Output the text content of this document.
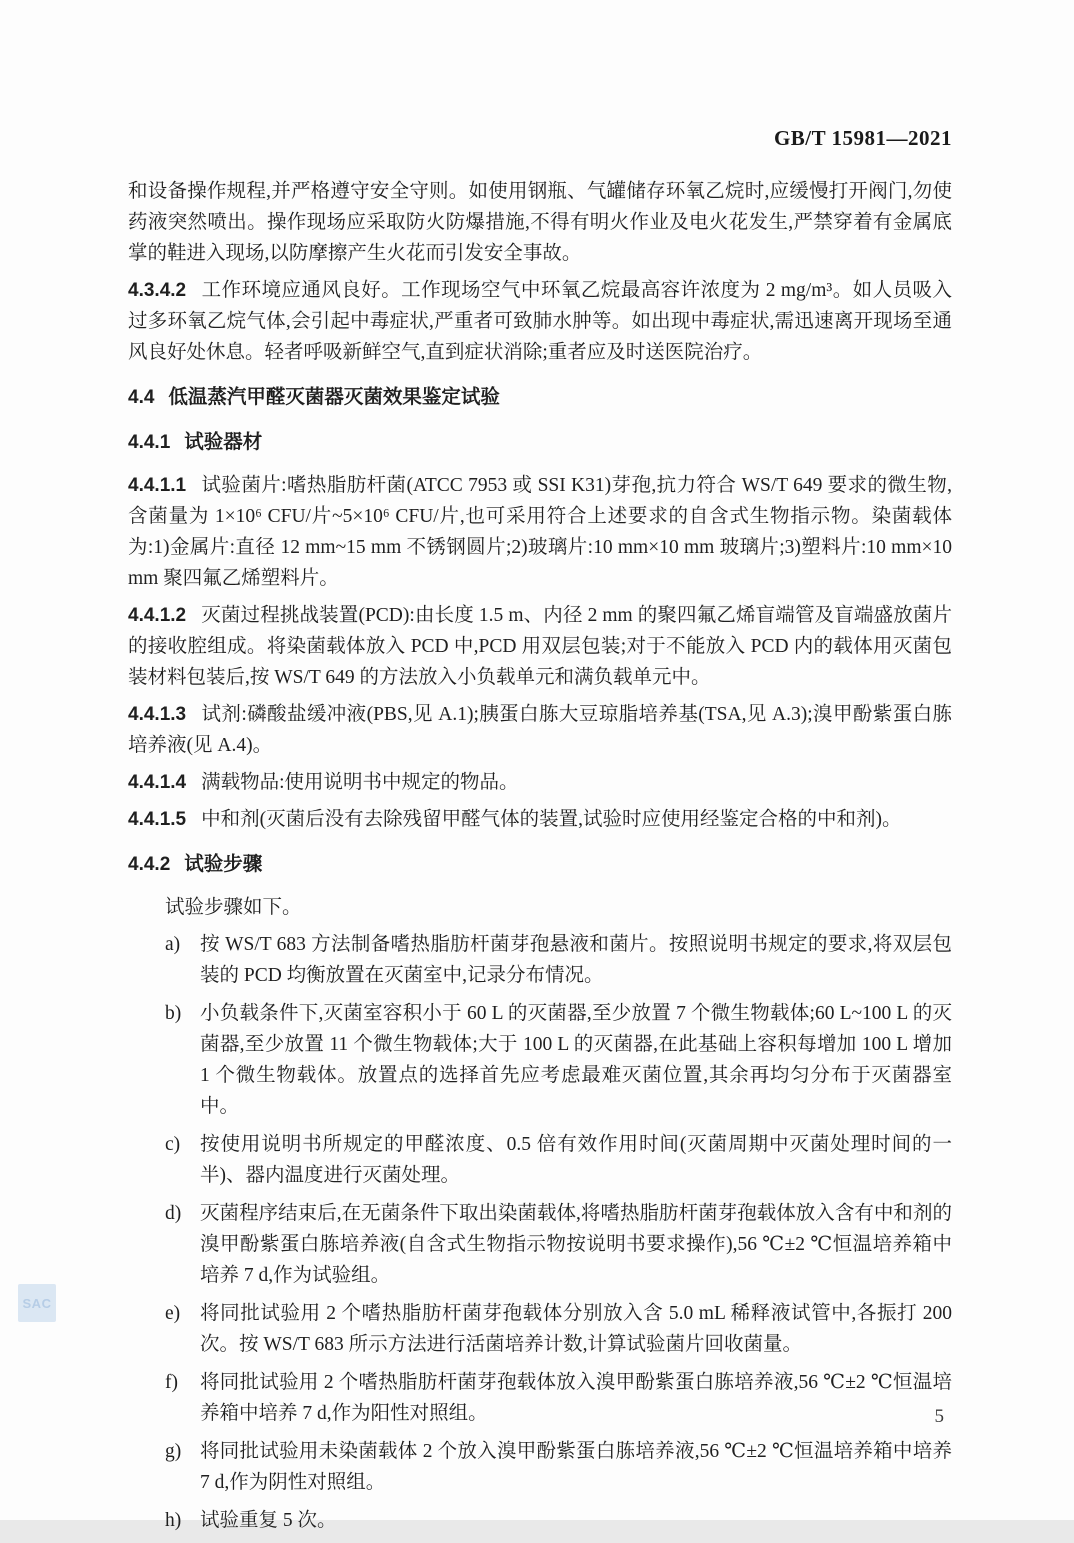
GB/T 15981—2021

和设备操作规程,并严格遵守安全守则。如使用钢瓶、气罐储存环氧乙烷时,应缓慢打开阀门,勿使药液突然喷出。操作现场应采取防火防爆措施,不得有明火作业及电火花发生,严禁穿着有金属底掌的鞋进入现场,以防摩擦产生火花而引发安全事故。

4.3.4.2 工作环境应通风良好。工作现场空气中环氧乙烷最高容许浓度为 2 mg/m³。如人员吸入过多环氧乙烷气体,会引起中毒症状,严重者可致肺水肿等。如出现中毒症状,需迅速离开现场至通风良好处休息。轻者呼吸新鲜空气,直到症状消除;重者应及时送医院治疗。

4.4 低温蒸汽甲醛灭菌器灭菌效果鉴定试验
4.4.1 试验器材

4.4.1.1 试验菌片:嗜热脂肪杆菌(ATCC 7953 或 SSI K31)芽孢,抗力符合 WS/T 649 要求的微生物,含菌量为 1×10⁶ CFU/片~5×10⁶ CFU/片,也可采用符合上述要求的自含式生物指示物。染菌载体为:1)金属片:直径 12 mm~15 mm 不锈钢圆片;2)玻璃片:10 mm×10 mm 玻璃片;3)塑料片:10 mm×10 mm 聚四氟乙烯塑料片。

4.4.1.2 灭菌过程挑战装置(PCD):由长度 1.5 m、内径 2 mm 的聚四氟乙烯盲端管及盲端盛放菌片的接收腔组成。将染菌载体放入 PCD 中,PCD 用双层包装;对于不能放入 PCD 内的载体用灭菌包装材料包装后,按 WS/T 649 的方法放入小负载单元和满负载单元中。

4.4.1.3 试剂:磷酸盐缓冲液(PBS,见 A.1);胰蛋白胨大豆琼脂培养基(TSA,见 A.3);溴甲酚紫蛋白胨培养液(见 A.4)。

4.4.1.4 满载物品:使用说明书中规定的物品。

4.4.1.5 中和剂(灭菌后没有去除残留甲醛气体的装置,试验时应使用经鉴定合格的中和剂)。

4.4.2 试验步骤

试验步骤如下。

a)	按 WS/T 683 方法制备嗜热脂肪杆菌芽孢悬液和菌片。按照说明书规定的要求,将双层包装的 PCD 均衡放置在灭菌室中,记录分布情况。
b) 小负载条件下,灭菌室容积小于 60 L 的灭菌器,至少放置 7 个微生物载体;60 L~100 L 的灭菌器,至少放置 11 个微生物载体;大于 100 L 的灭菌器,在此基础上容积每增加 100 L 增加 1 个微生物载体。放置点的选择首先应考虑最难灭菌位置,其余再均匀分布于灭菌器室中。
c)	按使用说明书所规定的甲醛浓度、0.5 倍有效作用时间(灭菌周期中灭菌处理时间的一半)、器内温度进行灭菌处理。
d) 灭菌程序结束后,在无菌条件下取出染菌载体,将嗜热脂肪杆菌芽孢载体放入含有中和剂的溴甲酚紫蛋白胨培养液(自含式生物指示物按说明书要求操作),56 ℃±2 ℃恒温培养箱中培养 7 d,作为试验组。
e)	将同批试验用 2 个嗜热脂肪杆菌芽孢载体分别放入含 5.0 mL 稀释液试管中,各振打 200 次。按 WS/T 683 所示方法进行活菌培养计数,计算试验菌片回收菌量。
f)	将同批试验用 2 个嗜热脂肪杆菌芽孢载体放入溴甲酚紫蛋白胨培养液,56 ℃±2 ℃恒温培养箱中培养 7 d,作为阳性对照组。
g) 将同批试验用未染菌载体 2 个放入溴甲酚紫蛋白胨培养液,56 ℃±2 ℃恒温培养箱中培养 7 d,作为阴性对照组。
h) 试验重复 5 次。
SAC
5
